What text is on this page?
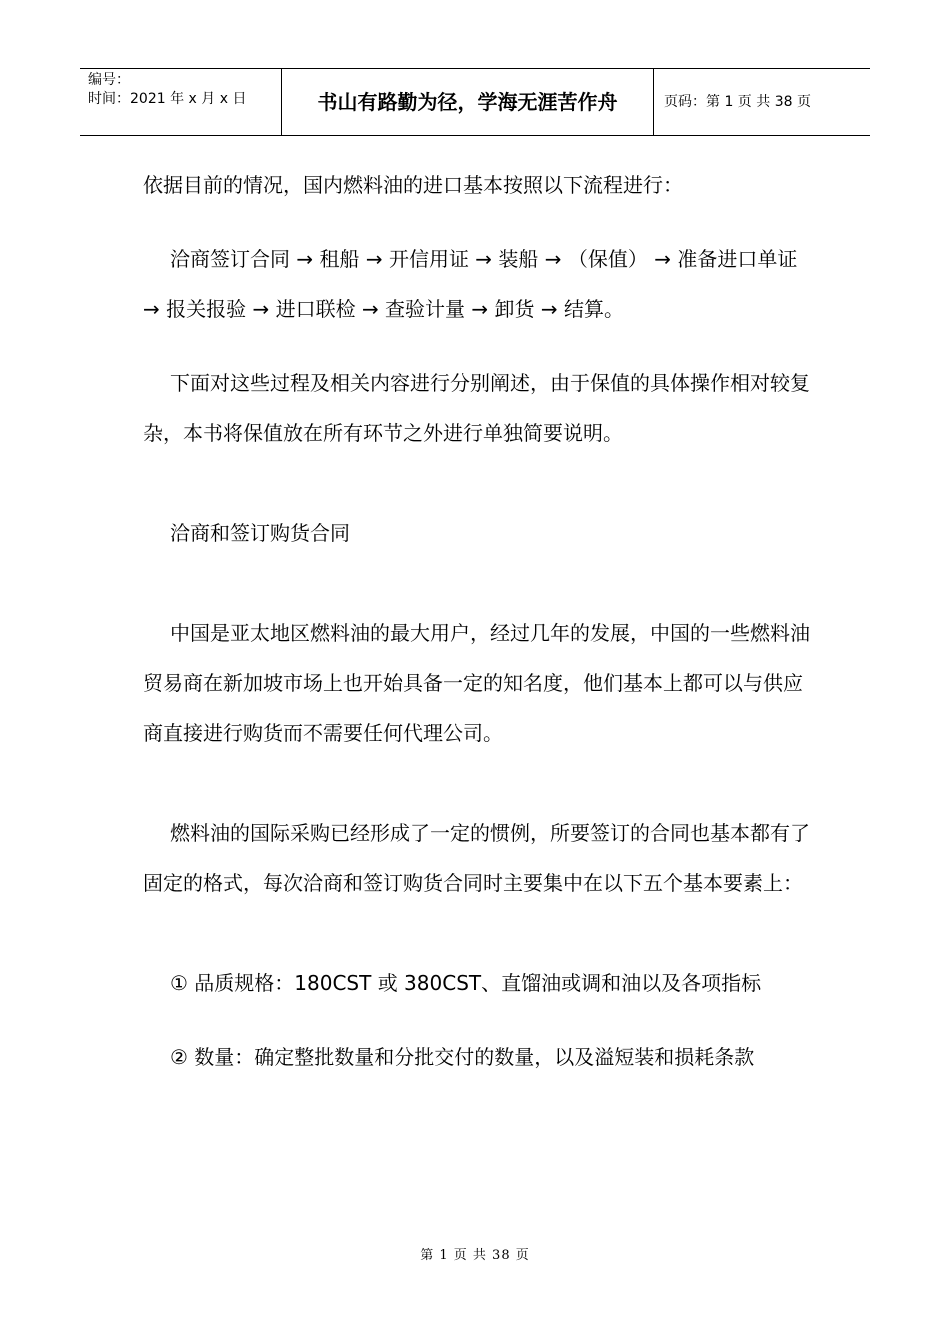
编号：
时间：2021 年 x 月 x 日	书山有路勤为径，学海无涯苦作舟	页码：第 1 页 共 38 页

依据目前的情况，国内燃料油的进口基本按照以下流程进行：

洽商签订合同 → 租船 → 开信用证 → 装船 → （保值） → 准备进口单证 → 报关报验 → 进口联检 → 查验计量 → 卸货 → 结算。

下面对这些过程及相关内容进行分别阐述，由于保值的具体操作相对较复杂，本书将保值放在所有环节之外进行单独简要说明。

洽商和签订购货合同

中国是亚太地区燃料油的最大用户，经过几年的发展，中国的一些燃料油贸易商在新加坡市场上也开始具备一定的知名度，他们基本上都可以与供应商直接进行购货而不需要任何代理公司。

燃料油的国际采购已经形成了一定的惯例，所要签订的合同也基本都有了固定的格式，每次洽商和签订购货合同时主要集中在以下五个基本要素上：

① 品质规格：180CST 或 380CST、直馏油或调和油以及各项指标

② 数量：确定整批数量和分批交付的数量，以及溢短装和损耗条款

第 1 页 共 38 页
